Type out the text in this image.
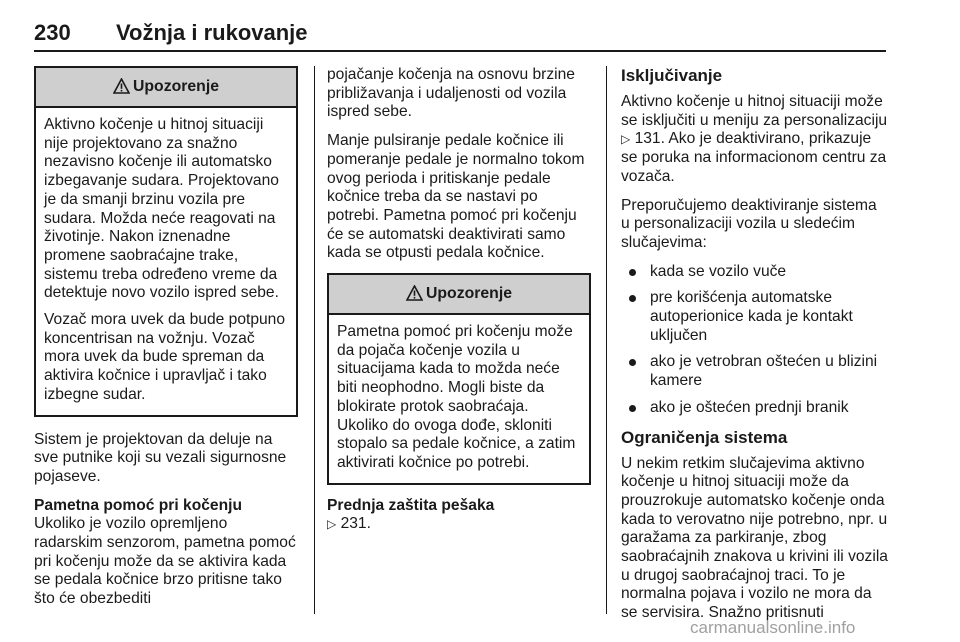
230 Vožnja i rukovanje
Upozorenje

Aktivno kočenje u hitnoj situaciji nije projektovano za snažno nezavisno kočenje ili automatsko izbegavanje sudara. Projektovano je da smanji brzinu vozila pre sudara. Možda neće reagovati na životinje. Nakon iznenadne promene saobraćajne trake, sistemu treba određeno vreme da detektuje novo vozilo ispred sebe.

Vozač mora uvek da bude potpuno koncentrisan na vožnju. Vozač mora uvek da bude spreman da aktivira kočnice i upravljač i tako izbegne sudar.

Sistem je projektovan da deluje na sve putnike koji su vezali sigurnosne pojaseve.

Pametna pomoć pri kočenju

Ukoliko je vozilo opremljeno radarskim senzorom, pametna pomoć pri kočenju može da se aktivira kada se pedala kočnice brzo pritisne tako što će obezbediti

pojačanje kočenja na osnovu brzine približavanja i udaljenosti od vozila ispred sebe.

Manje pulsiranje pedale kočnice ili pomeranje pedale je normalno tokom ovog perioda i pritiskanje pedale kočnice treba da se nastavi po potrebi. Pametna pomoć pri kočenju će se automatski deaktivirati samo kada se otpusti pedala kočnice.

Upozorenje

Pametna pomoć pri kočenju može da pojača kočenje vozila u situacijama kada to možda neće biti neophodno. Mogli biste da blokirate protok saobraćaja. Ukoliko do ovoga dođe, skloniti stopalo sa pedale kočnice, a zatim aktivirati kočnice po potrebi.

Prednja zaštita pešaka
▷ 231.
Isključivanje

Aktivno kočenje u hitnoj situaciji može se isključiti u meniju za personalizaciju ▷ 131. Ako je deaktivirano, prikazuje se poruka na informacionom centru za vozača.

Preporučujemo deaktiviranje sistema u personalizaciji vozila u sledećim slučajevima:

kada se vozilo vuče
pre korišćenja automatske autoperionice kada je kontakt uključen
ako je vetrobran oštećen u blizini kamere
ako je oštećen prednji branik
Ograničenja sistema

U nekim retkim slučajevima aktivno kočenje u hitnoj situaciji može da prouzrokuje automatsko kočenje onda kada to verovatno nije potrebno, npr. u garažama za parkiranje, zbog saobraćajnih znakova u krivini ili vozila u drugoj saobraćajnoj traci. To je normalna pojava i vozilo ne mora da se servisira. Snažno pritisnuti

carmanualsonline.info
